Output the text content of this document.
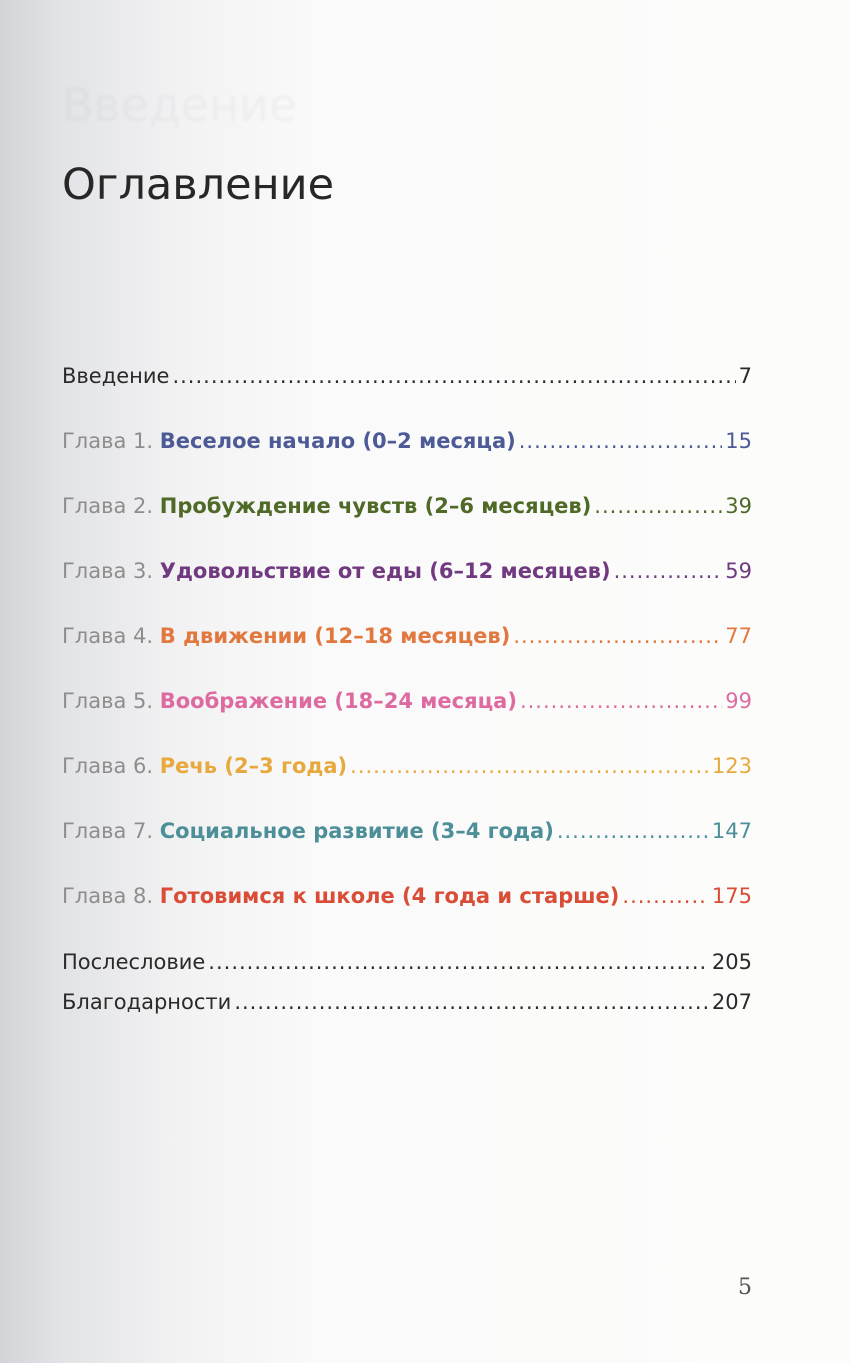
Введение
Оглавление
Введение .....	7
Глава 1.
Веселое начало (0–2 месяца) .....	15
Глава 2.
Пробуждение чувств (2–6 месяцев) .....	39
Глава 3.
Удовольствие от еды (6–12 месяцев) .....	59
Глава 4.
В движении (12–18 месяцев) .....	77
Глава 5.
Воображение (18–24 месяца) .....	99
Глава 6.
Речь (2–3 года) .....	123
Глава 7.
Социальное развитие (3–4 года) .....	147
Глава 8.
Готовимся к школе (4 года и старше) .....	175
Послесловие .....	205
Благодарности .....	207
5
